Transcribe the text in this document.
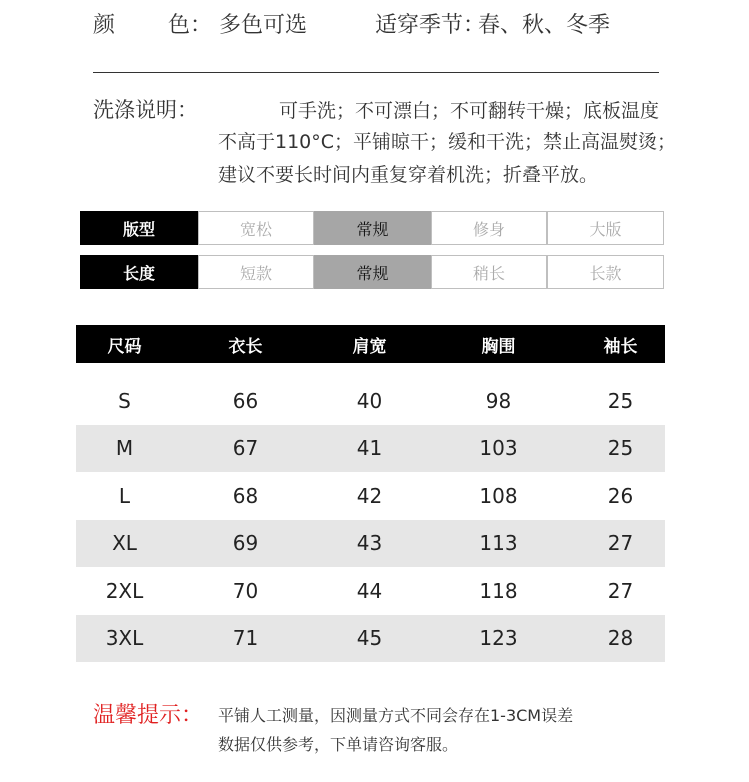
颜 色： 多色可选	适穿季节：
春、秋、冬季
洗涤说明：	可手洗；不可漂白；不可翻转干燥；底板温度
不高于110°C；平铺晾干；缓和干洗；禁止高温熨烫；
建议不要长时间内重复穿着机洗；折叠平放。
版型	宽松	常规	修身	大版
长度	短款	常规	稍长	长款
尺码	衣长	肩宽	胸围	袖长
S	66	40	98	25
M	67	41	103	25
L	68	42	108	26
XL	69	43	113	27
2XL	70	44	118	27
3XL	71	45	123	28
温馨提示： 平铺人工测量，因测量方式不同会存在1-3CM误差
数据仅供参考，下单请咨询客服。
